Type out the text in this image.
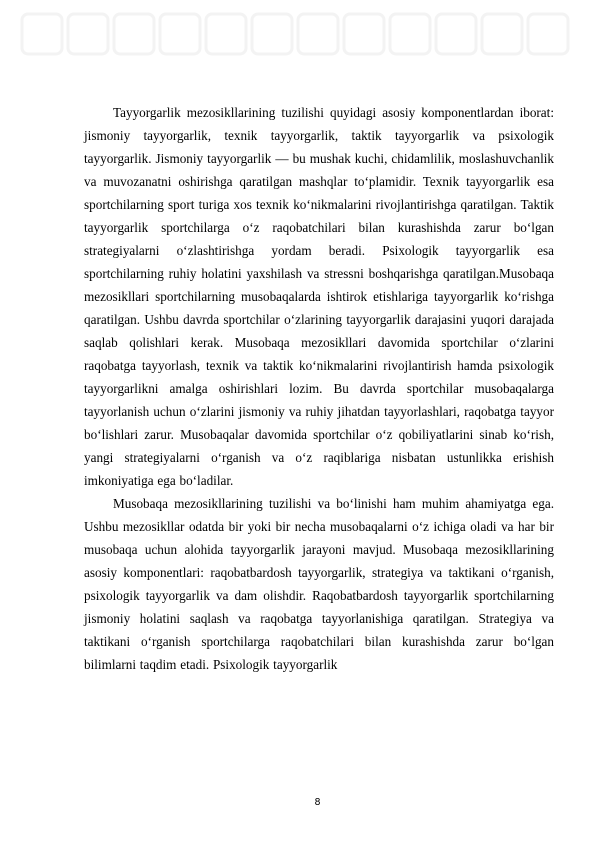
Tayyorgarlik mezosikllarining tuzilishi quyidagi asosiy komponentlardan iborat: jismoniy tayyorgarlik, texnik tayyorgarlik, taktik tayyorgarlik va psixologik tayyorgarlik. Jismoniy tayyorgarlik — bu mushak kuchi, chidamlilik, moslashuvchanlik va muvozanatni oshirishga qaratilgan mashqlar to‘plamidir. Texnik tayyorgarlik esa sportchilarning sport turiga xos texnik ko‘nikmalarini rivojlantirishga qaratilgan. Taktik tayyorgarlik sportchilarga o‘z raqobatchilari bilan kurashishda zarur bo‘lgan strategiyalarni o‘zlashtirishga yordam beradi. Psixologik tayyorgarlik esa sportchilarning ruhiy holatini yaxshilash va stressni boshqarishga qaratilgan.Musobaqa mezosikllari sportchilarning musobaqalarda ishtirok etishlariga tayyorgarlik ko‘rishga qaratilgan. Ushbu davrda sportchilar o‘zlarining tayyorgarlik darajasini yuqori darajada saqlab qolishlari kerak. Musobaqa mezosikllari davomida sportchilar o‘zlarini raqobatga tayyorlash, texnik va taktik ko‘nikmalarini rivojlantirish hamda psixologik tayyorgarlikni amalga oshirishlari lozim. Bu davrda sportchilar musobaqalarga tayyorlanish uchun o‘zlarini jismoniy va ruhiy jihatdan tayyorlashlari, raqobatga tayyor bo‘lishlari zarur. Musobaqalar davomida sportchilar o‘z qobiliyatlarini sinab ko‘rish, yangi strategiyalarni o‘rganish va o‘z raqiblariga nisbatan ustunlikka erishish imkoniyatiga ega bo‘ladilar.

Musobaqa mezosikllarining tuzilishi va bo‘linishi ham muhim ahamiyatga ega. Ushbu mezosikllar odatda bir yoki bir necha musobaqalarni o‘z ichiga oladi va har bir musobaqa uchun alohida tayyorgarlik jarayoni mavjud. Musobaqa mezosikllarining asosiy komponentlari: raqobatbardosh tayyorgarlik, strategiya va taktikani o‘rganish, psixologik tayyorgarlik va dam olishdir. Raqobatbardosh tayyorgarlik sportchilarning jismoniy holatini saqlash va raqobatga tayyorlanishiga qaratilgan. Strategiya va taktikani o‘rganish sportchilarga raqobatchilari bilan kurashishda zarur bo‘lgan bilimlarni taqdim etadi. Psixologik tayyorgarlik

8
